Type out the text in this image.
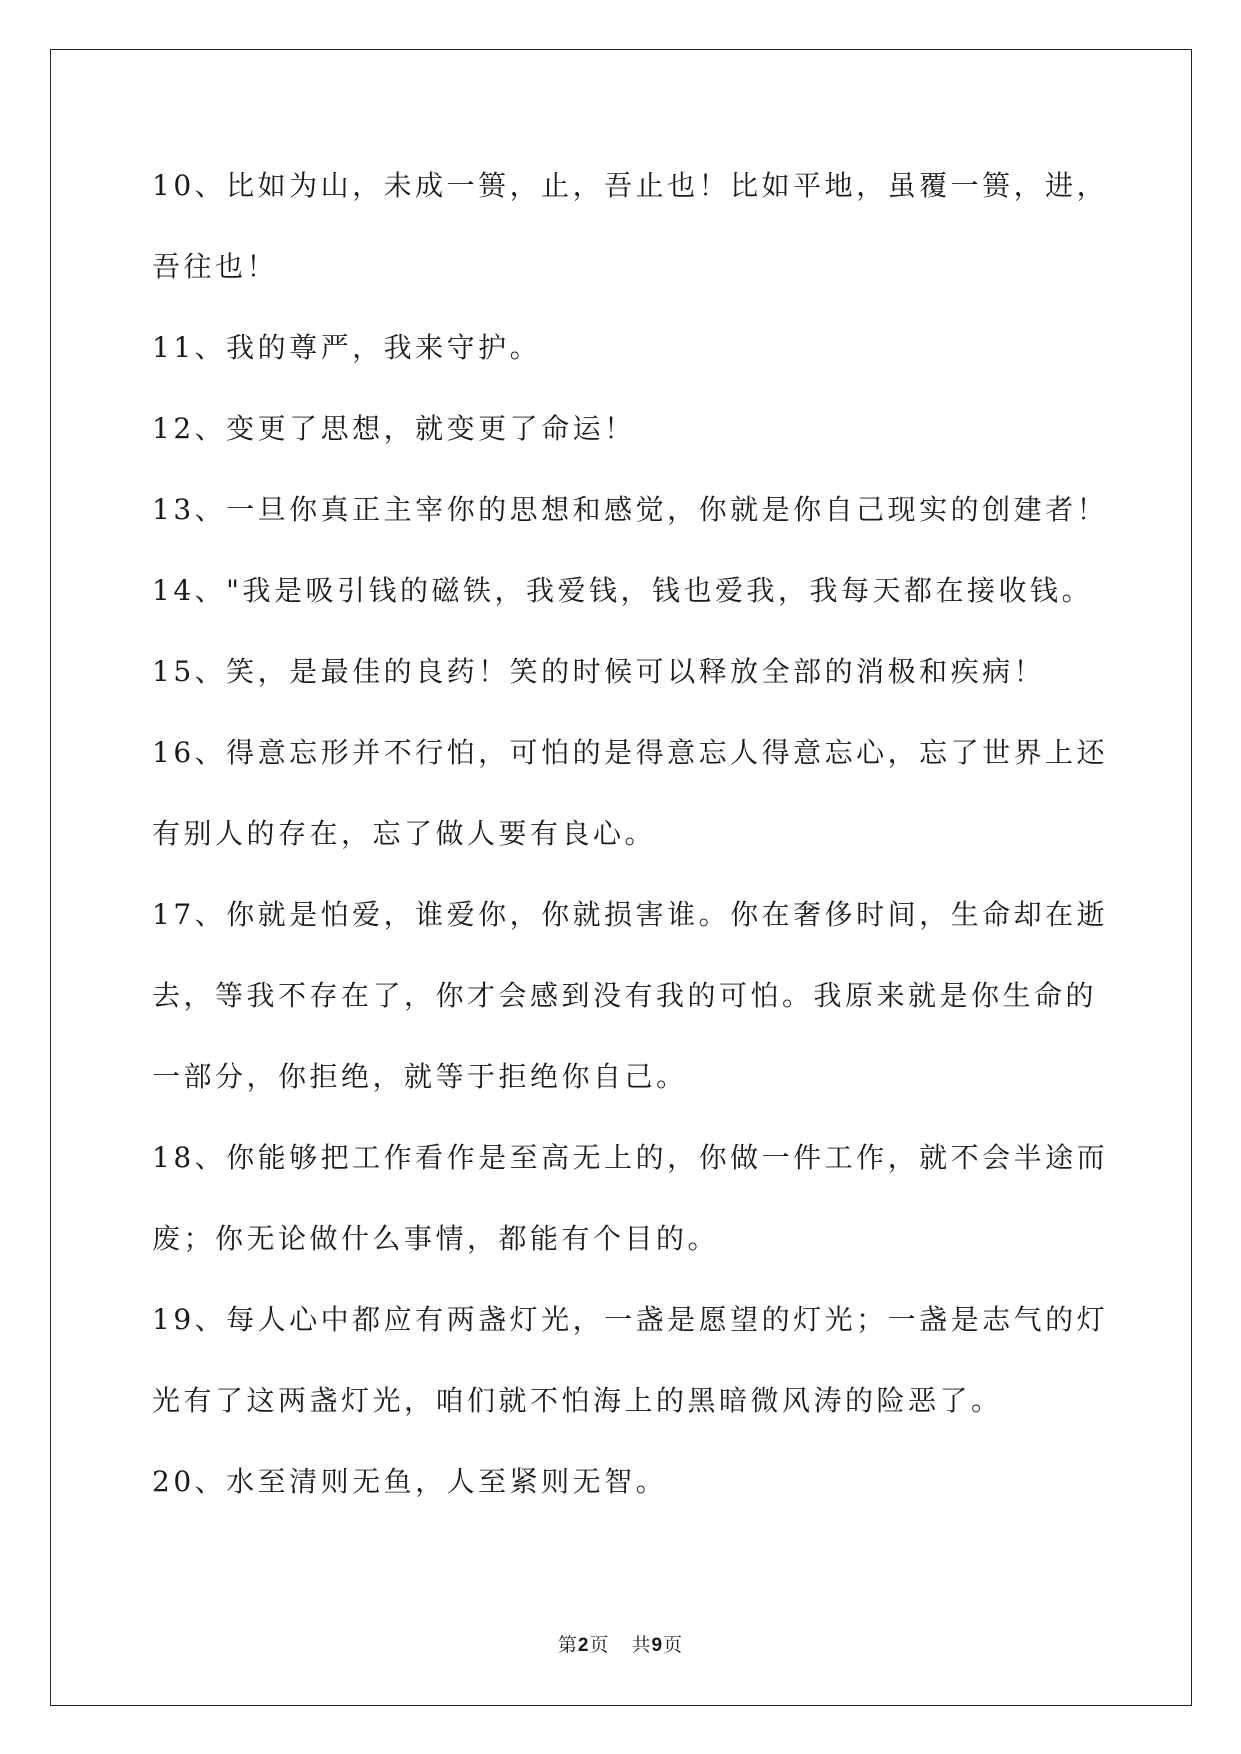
10、比如为山，未成一篑，止，吾止也！比如平地，虽覆一篑，进，
吾往也！
11、我的尊严，我来守护。
12、变更了思想，就变更了命运！
13、一旦你真正主宰你的思想和感觉，你就是你自己现实的创建者！
14、"我是吸引钱的磁铁，我爱钱，钱也爱我，我每天都在接收钱。
15、笑，是最佳的良药！笑的时候可以释放全部的消极和疾病！
16、得意忘形并不行怕，可怕的是得意忘人得意忘心，忘了世界上还
有别人的存在，忘了做人要有良心。
17、你就是怕爱，谁爱你，你就损害谁。你在奢侈时间，生命却在逝
去，等我不存在了，你才会感到没有我的可怕。我原来就是你生命的
一部分，你拒绝，就等于拒绝你自己。
18、你能够把工作看作是至高无上的，你做一件工作，就不会半途而
废；你无论做什么事情，都能有个目的。
19、每人心中都应有两盏灯光，一盏是愿望的灯光；一盏是志气的灯
光有了这两盏灯光，咱们就不怕海上的黑暗微风涛的险恶了。
20、水至清则无鱼，人至紧则无智。
第2页 共9页
